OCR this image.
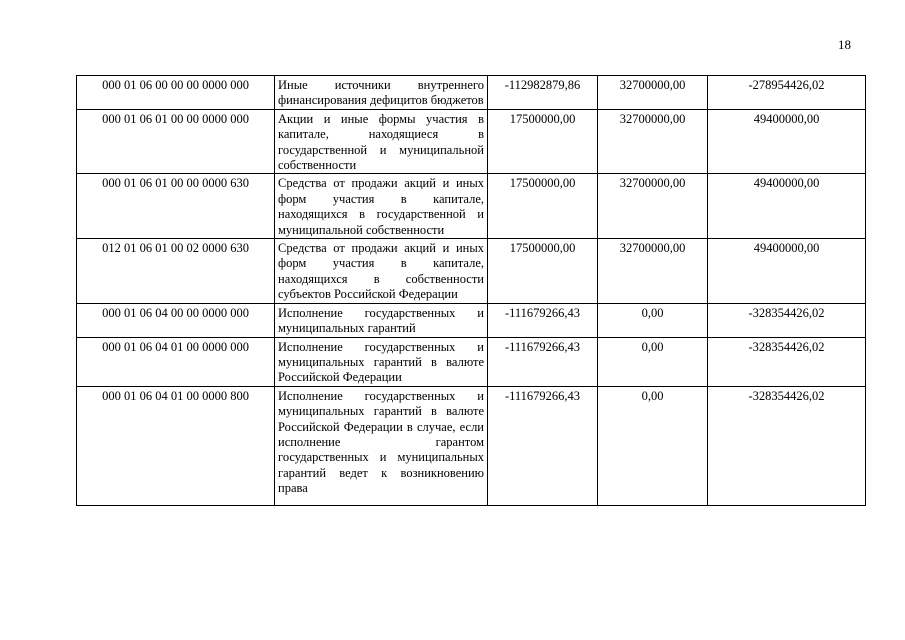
18
000 01 06 00 00 00 0000 000	Иные источники внутреннего финансирования дефицитов бюджетов	-112982879,86	32700000,00	-278954426,02
000 01 06 01 00 00 0000 000	Акции и иные формы участия в капитале, находящиеся в государственной и муниципальной собственности	17500000,00	32700000,00	49400000,00
000 01 06 01 00 00 0000 630	Средства от продажи акций и иных форм участия в капитале, находящихся в государственной и муниципальной собственности	17500000,00	32700000,00	49400000,00
012 01 06 01 00 02 0000 630	Средства от продажи акций и иных форм участия в капитале, находящихся в собственности субъектов Российской Федерации	17500000,00	32700000,00	49400000,00
000 01 06 04 00 00 0000 000	Исполнение государственных и муниципальных гарантий	-111679266,43	0,00	-328354426,02
000 01 06 04 01 00 0000 000	Исполнение государственных и муниципальных гарантий в валюте Российской Федерации	-111679266,43	0,00	-328354426,02
000 01 06 04 01 00 0000 800	Исполнение государственных и муниципальных гарантий в валюте Российской Федерации в случае, если исполнение гарантом государственных и муниципальных гарантий ведет к возникновению права	-111679266,43	0,00	-328354426,02
